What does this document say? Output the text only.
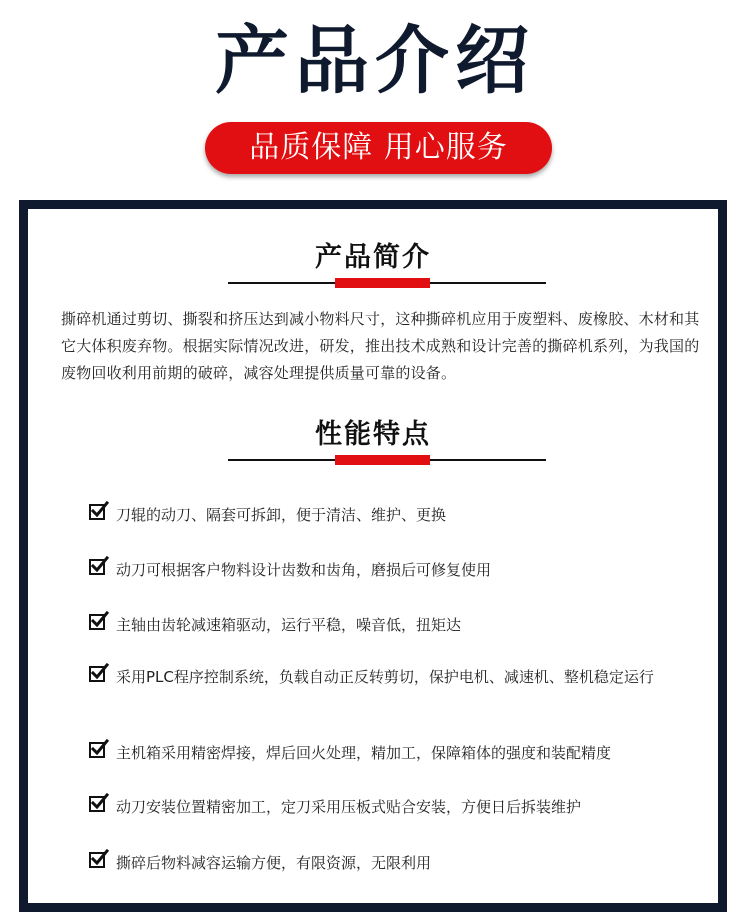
产品介绍
品质保障 用心服务
产品简介
撕碎机通过剪切、撕裂和挤压达到减小物料尺寸，这种撕碎机应用于废塑料、废橡胶、木材和其它大体积废弃物。根据实际情况改进，研发，推出技术成熟和设计完善的撕碎机系列，为我国的废物回收利用前期的破碎，减容处理提供质量可靠的设备。
性能特点
刀辊的动刀、隔套可拆卸，便于清洁、维护、更换
动刀可根据客户物料设计齿数和齿角，磨损后可修复使用
主轴由齿轮减速箱驱动，运行平稳，噪音低，扭矩达
采用PLC程序控制系统，负载自动正反转剪切，保护电机、减速机、整机稳定运行
主机箱采用精密焊接，焊后回火处理，精加工，保障箱体的强度和装配精度
动刀安装位置精密加工，定刀采用压板式贴合安装，方便日后拆装维护
撕碎后物料减容运输方便，有限资源，无限利用
